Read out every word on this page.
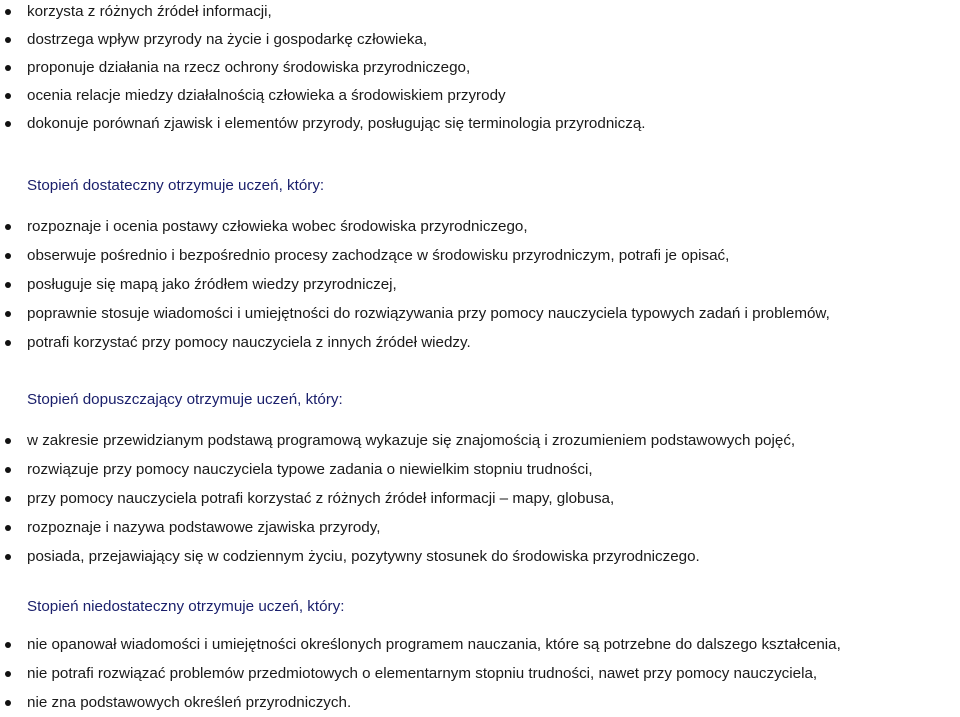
korzysta z różnych źródeł informacji,
dostrzega wpływ przyrody na życie i gospodarkę człowieka,
proponuje działania na rzecz ochrony środowiska przyrodniczego,
ocenia relacje miedzy działalnością człowieka a środowiskiem przyrody
dokonuje porównań zjawisk i elementów przyrody, posługując się terminologia przyrodniczą.
Stopień dostateczny otrzymuje uczeń, który:
rozpoznaje i ocenia postawy człowieka wobec środowiska przyrodniczego,
obserwuje pośrednio i bezpośrednio procesy zachodzące w środowisku przyrodniczym, potrafi je opisać,
posługuje się mapą jako źródłem wiedzy przyrodniczej,
poprawnie stosuje wiadomości i umiejętności do rozwiązywania przy pomocy nauczyciela typowych zadań i problemów,
potrafi korzystać przy pomocy nauczyciela z innych źródeł wiedzy.
Stopień dopuszczający otrzymuje uczeń, który:
w zakresie przewidzianym podstawą programową wykazuje się znajomością i zrozumieniem podstawowych pojęć,
rozwiązuje przy pomocy nauczyciela typowe zadania o niewielkim stopniu trudności,
przy pomocy nauczyciela potrafi korzystać z różnych źródeł informacji – mapy, globusa,
rozpoznaje i nazywa podstawowe zjawiska przyrody,
posiada, przejawiający się w codziennym życiu, pozytywny stosunek do środowiska przyrodniczego.
Stopień niedostateczny otrzymuje uczeń, który:
nie opanował wiadomości i umiejętności określonych programem nauczania, które są potrzebne do dalszego kształcenia,
nie potrafi rozwiązać problemów przedmiotowych o elementarnym stopniu trudności, nawet przy pomocy nauczyciela,
nie zna podstawowych określeń przyrodniczych.
